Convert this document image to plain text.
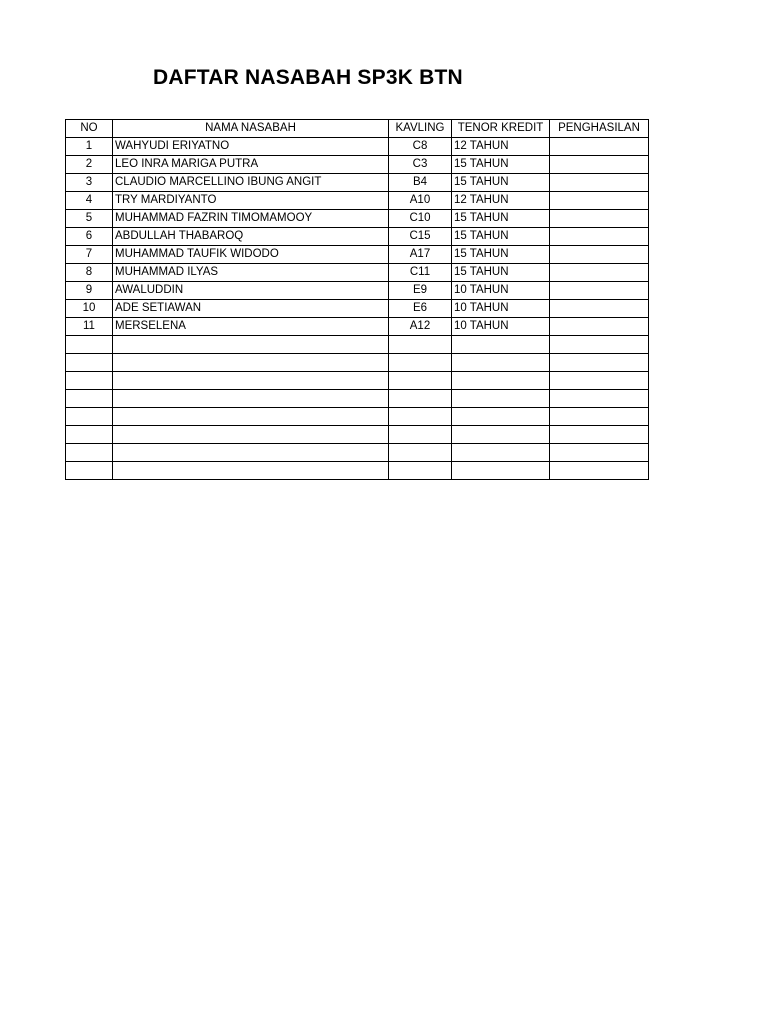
DAFTAR NASABAH SP3K BTN
NO	NAMA NASABAH	KAVLING	TENOR KREDIT	PENGHASILAN
1	WAHYUDI ERIYATNO	C8	12 TAHUN	
2	LEO INRA MARIGA PUTRA	C3	15 TAHUN	
3	CLAUDIO MARCELLINO IBUNG ANGIT	B4	15 TAHUN	
4	TRY MARDIYANTO	A10	12 TAHUN	
5	MUHAMMAD FAZRIN TIMOMAMOOY	C10	15 TAHUN	
6	ABDULLAH THABAROQ	C15	15 TAHUN	
7	MUHAMMAD TAUFIK WIDODO	A17	15 TAHUN	
8	MUHAMMAD ILYAS	C11	15 TAHUN	
9	AWALUDDIN	E9	10 TAHUN	
10	ADE SETIAWAN	E6	10 TAHUN	
11	MERSELENA	A12	10 TAHUN	
